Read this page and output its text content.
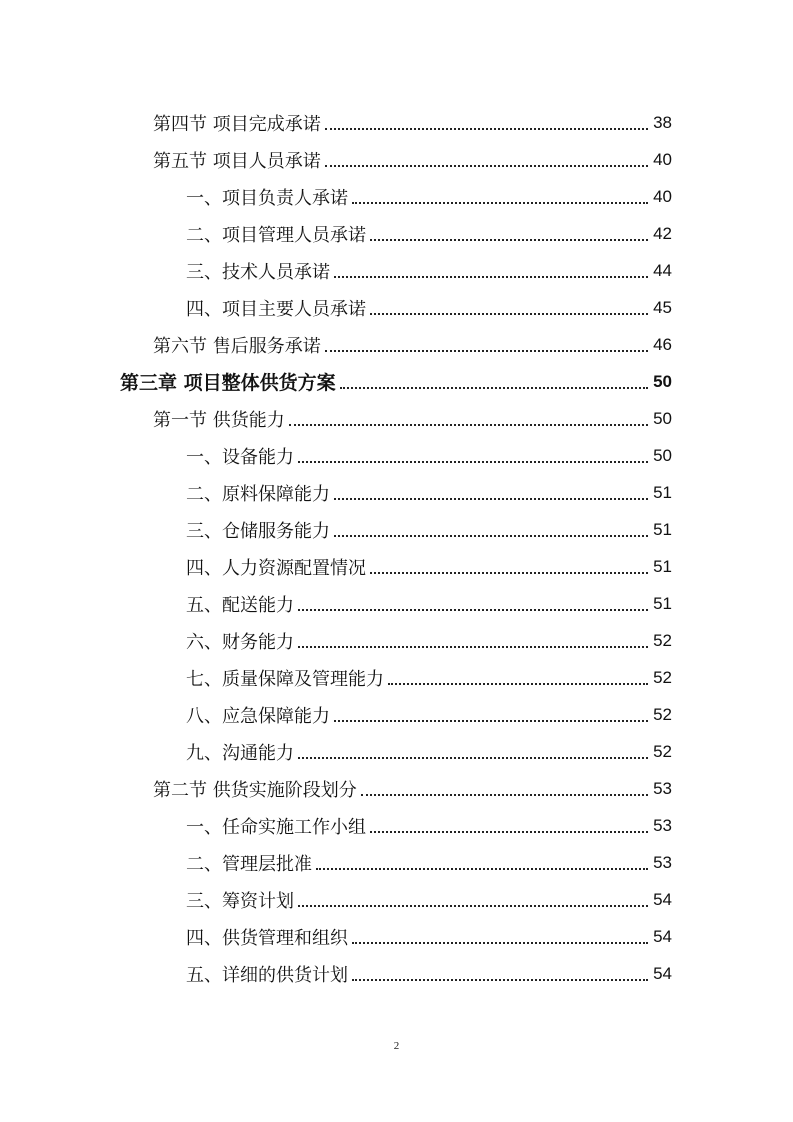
第四节 项目完成承诺	38
第五节 项目人员承诺	40
一、项目负责人承诺	40
二、项目管理人员承诺	42
三、技术人员承诺	44
四、项目主要人员承诺	45
第六节 售后服务承诺	46
第三章 项目整体供货方案	50
第一节 供货能力	50
一、设备能力	50
二、原料保障能力	51
三、仓储服务能力	51
四、人力资源配置情况	51
五、配送能力	51
六、财务能力	52
七、质量保障及管理能力	52
八、应急保障能力	52
九、沟通能力	52
第二节 供货实施阶段划分	53
一、任命实施工作小组	53
二、管理层批准	53
三、筹资计划	54
四、供货管理和组织	54
五、详细的供货计划	54
2
